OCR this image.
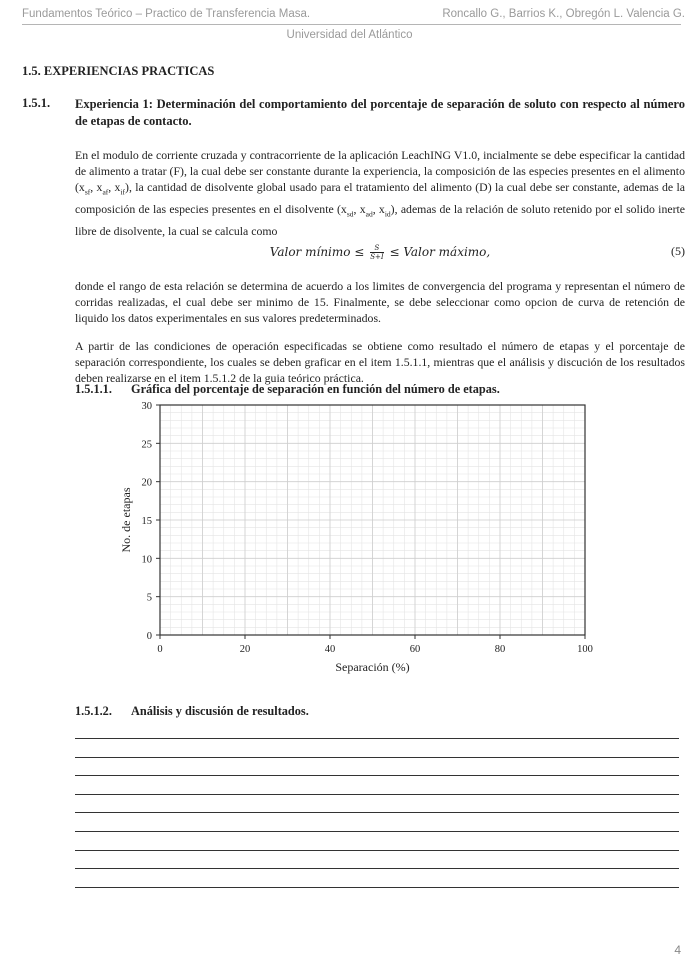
Fundamentos Teórico – Practico de Transferencia Masa.	Roncallo G., Barrios K., Obregón L. Valencia G.
Universidad del Atlántico
1.5. EXPERIENCIAS PRACTICAS
1.5.1. Experiencia 1: Determinación del comportamiento del porcentaje de separación de soluto con respecto al número de etapas de contacto.
En el modulo de corriente cruzada y contracorriente de la aplicación LeachING V1.0, incialmente se debe especificar la cantidad de alimento a tratar (F), la cual debe ser constante durante la experiencia, la composición de las especies presentes en el alimento ($x_{sf}$, $x_{af}$, $x_{if}$), la cantidad de disolvente global usado para el tratamiento del alimento (D) la cual debe ser constante, ademas de la composición de las especies presentes en el disolvente ($x_{sd}$, $x_{ad}$, $x_{id}$), ademas de la relación de soluto retenido por el solido inerte libre de disolvente, la cual se calcula como
Valor mínimo ≤ $\frac{S}{S+I}$ ≤ Valor máximo,	(5)
donde el rango de esta relación se determina de acuerdo a los limites de convergencia del programa y representan el número de corridas realizadas, el cual debe ser minimo de 15. Finalmente, se debe seleccionar como opcion de curva de retención de liquido los datos experimentales en sus valores predeterminados.
A partir de las condiciones de operación especificadas se obtiene como resultado el número de etapas y el porcentaje de separación correspondiente, los cuales se deben graficar en el item 1.5.1.1, mientras que el análisis y discución de los resultados deben realizarse en el item 1.5.1.2 de la guia teórico práctica.
1.5.1.1. Gráfica del porcentaje de separación en función del número de etapas.
0	20	40	60	80	100
0
5
10
15
20
25
30
Separación (%)
No. de etapas
1.5.1.2. Análisis y discusión de resultados.
4
